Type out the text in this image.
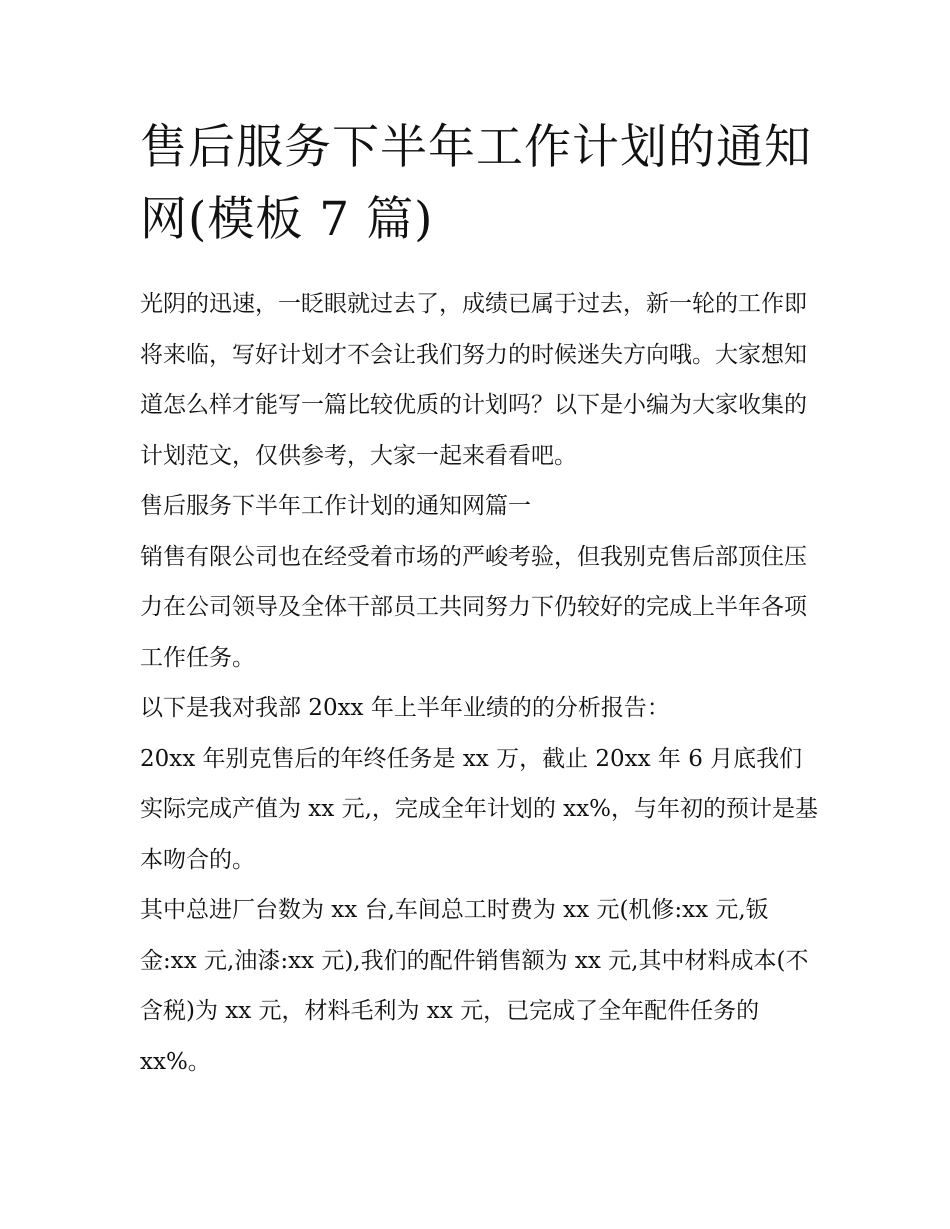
售后服务下半年工作计划的通知网(模板 7 篇)

光阴的迅速，一眨眼就过去了，成绩已属于过去，新一轮的工作即将来临，写好计划才不会让我们努力的时候迷失方向哦。大家想知道怎么样才能写一篇比较优质的计划吗？以下是小编为大家收集的计划范文，仅供参考，大家一起来看看吧。

售后服务下半年工作计划的通知网篇一

销售有限公司也在经受着市场的严峻考验，但我别克售后部顶住压力在公司领导及全体干部员工共同努力下仍较好的完成上半年各项工作任务。

以下是我对我部 20xx 年上半年业绩的的分析报告：

20xx 年别克售后的年终任务是 xx 万，截止 20xx 年 6 月底我们实际完成产值为 xx 元,，完成全年计划的 xx%，与年初的预计是基本吻合的。

其中总进厂台数为 xx 台,车间总工时费为 xx 元(机修:xx 元,钣金:xx 元,油漆:xx 元),我们的配件销售额为 xx 元,其中材料成本(不含税)为 xx 元，材料毛利为 xx 元，已完成了全年配件任务的 xx%。
